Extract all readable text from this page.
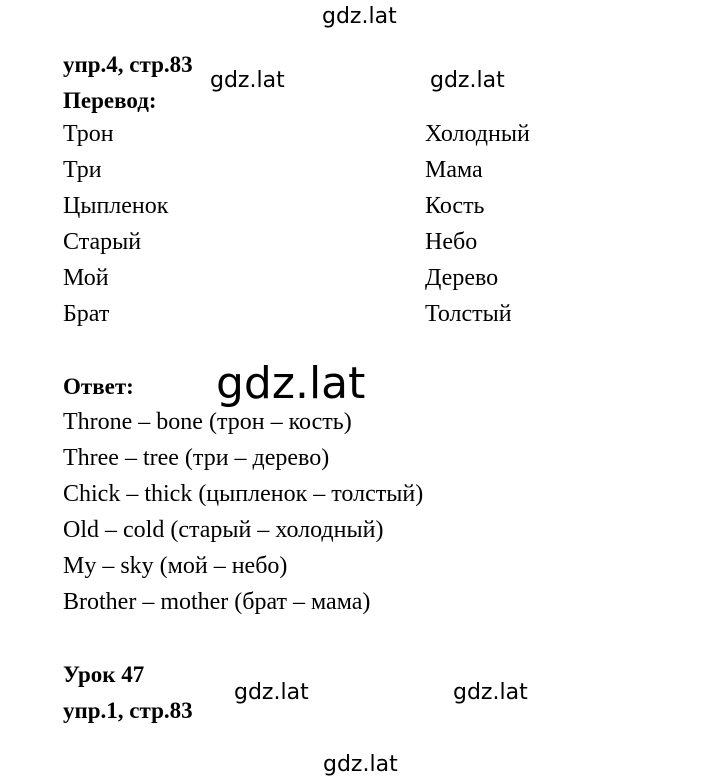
gdz.lat
gdz.lat	gdz.lat
gdz.lat
gdz.lat	gdz.lat
gdz.lat
упр.4, стр.83
Перевод:
Трон
Три
Цыпленок
Старый
Мой
Брат
Холодный
Мама
Кость
Небо
Дерево
Толстый
Ответ:
Throne – bone (трон – кость)
Three – tree (три – дерево)
Chick – thick (цыпленок – толстый)
Old – cold (старый – холодный)
My – sky (мой – небо)
Brother – mother (брат – мама)
Урок 47
упр.1, стр.83
